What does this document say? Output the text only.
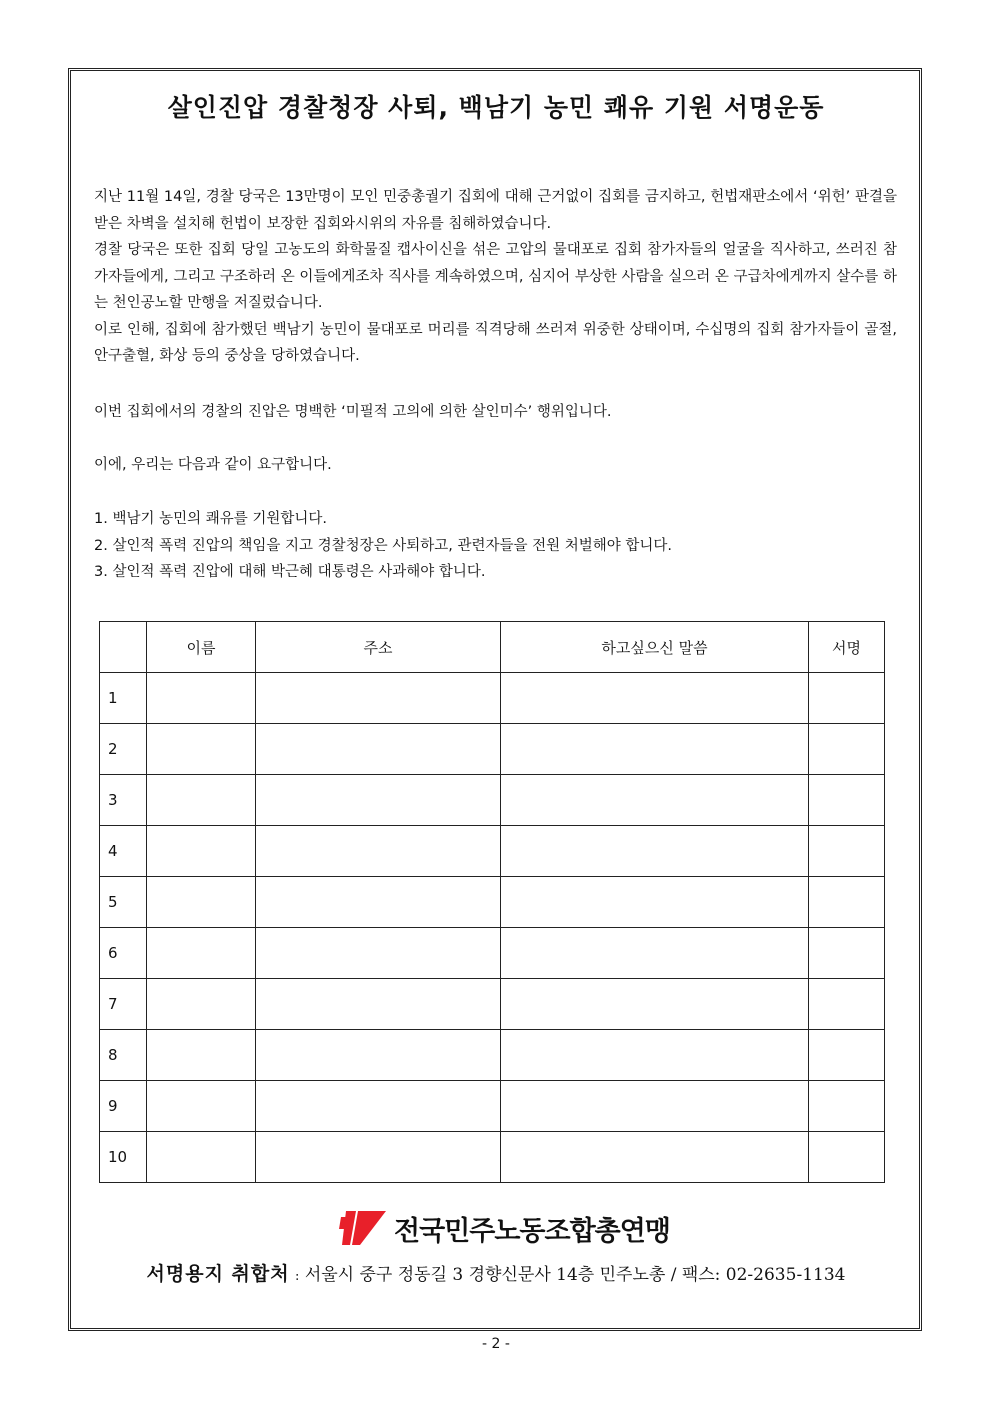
살인진압 경찰청장 사퇴, 백남기 농민 쾌유 기원 서명운동

지난 11월 14일, 경찰 당국은 13만명이 모인 민중총궐기 집회에 대해 근거없이 집회를 금지하고, 헌법재판소에서 ‘위헌’ 판결을 받은 차벽을 설치해 헌법이 보장한 집회와시위의 자유를 침해하였습니다.

경찰 당국은 또한 집회 당일 고농도의 화학물질 캡사이신을 섞은 고압의 물대포로 집회 참가자들의 얼굴을 직사하고, 쓰러진 참가자들에게, 그리고 구조하러 온 이들에게조차 직사를 계속하였으며, 심지어 부상한 사람을 실으러 온 구급차에게까지 살수를 하는 천인공노할 만행을 저질렀습니다.

이로 인해, 집회에 참가했던 백남기 농민이 물대포로 머리를 직격당해 쓰러져 위중한 상태이며, 수십명의 집회 참가자들이 골절, 안구출혈, 화상 등의 중상을 당하였습니다.

이번 집회에서의 경찰의 진압은 명백한 ‘미필적 고의에 의한 살인미수’ 행위입니다.
이에, 우리는 다음과 같이 요구합니다.

1. 백남기 농민의 쾌유를 기원합니다.

2. 살인적 폭력 진압의 책임을 지고 경찰청장은 사퇴하고, 관련자들을 전원 처벌해야 합니다.

3. 살인적 폭력 진압에 대해 박근혜 대통령은 사과해야 합니다.

	이름	주소	하고싶으신 말씀	서명
1				
2				
3				
4				
5				
6				
7				
8				
9				
10				
전국민주노동조합총연맹
서명용지 취합처 : 서울시 중구 정동길 3 경향신문사 14층 민주노총 / 팩스: 02-2635-1134
- 2 -
